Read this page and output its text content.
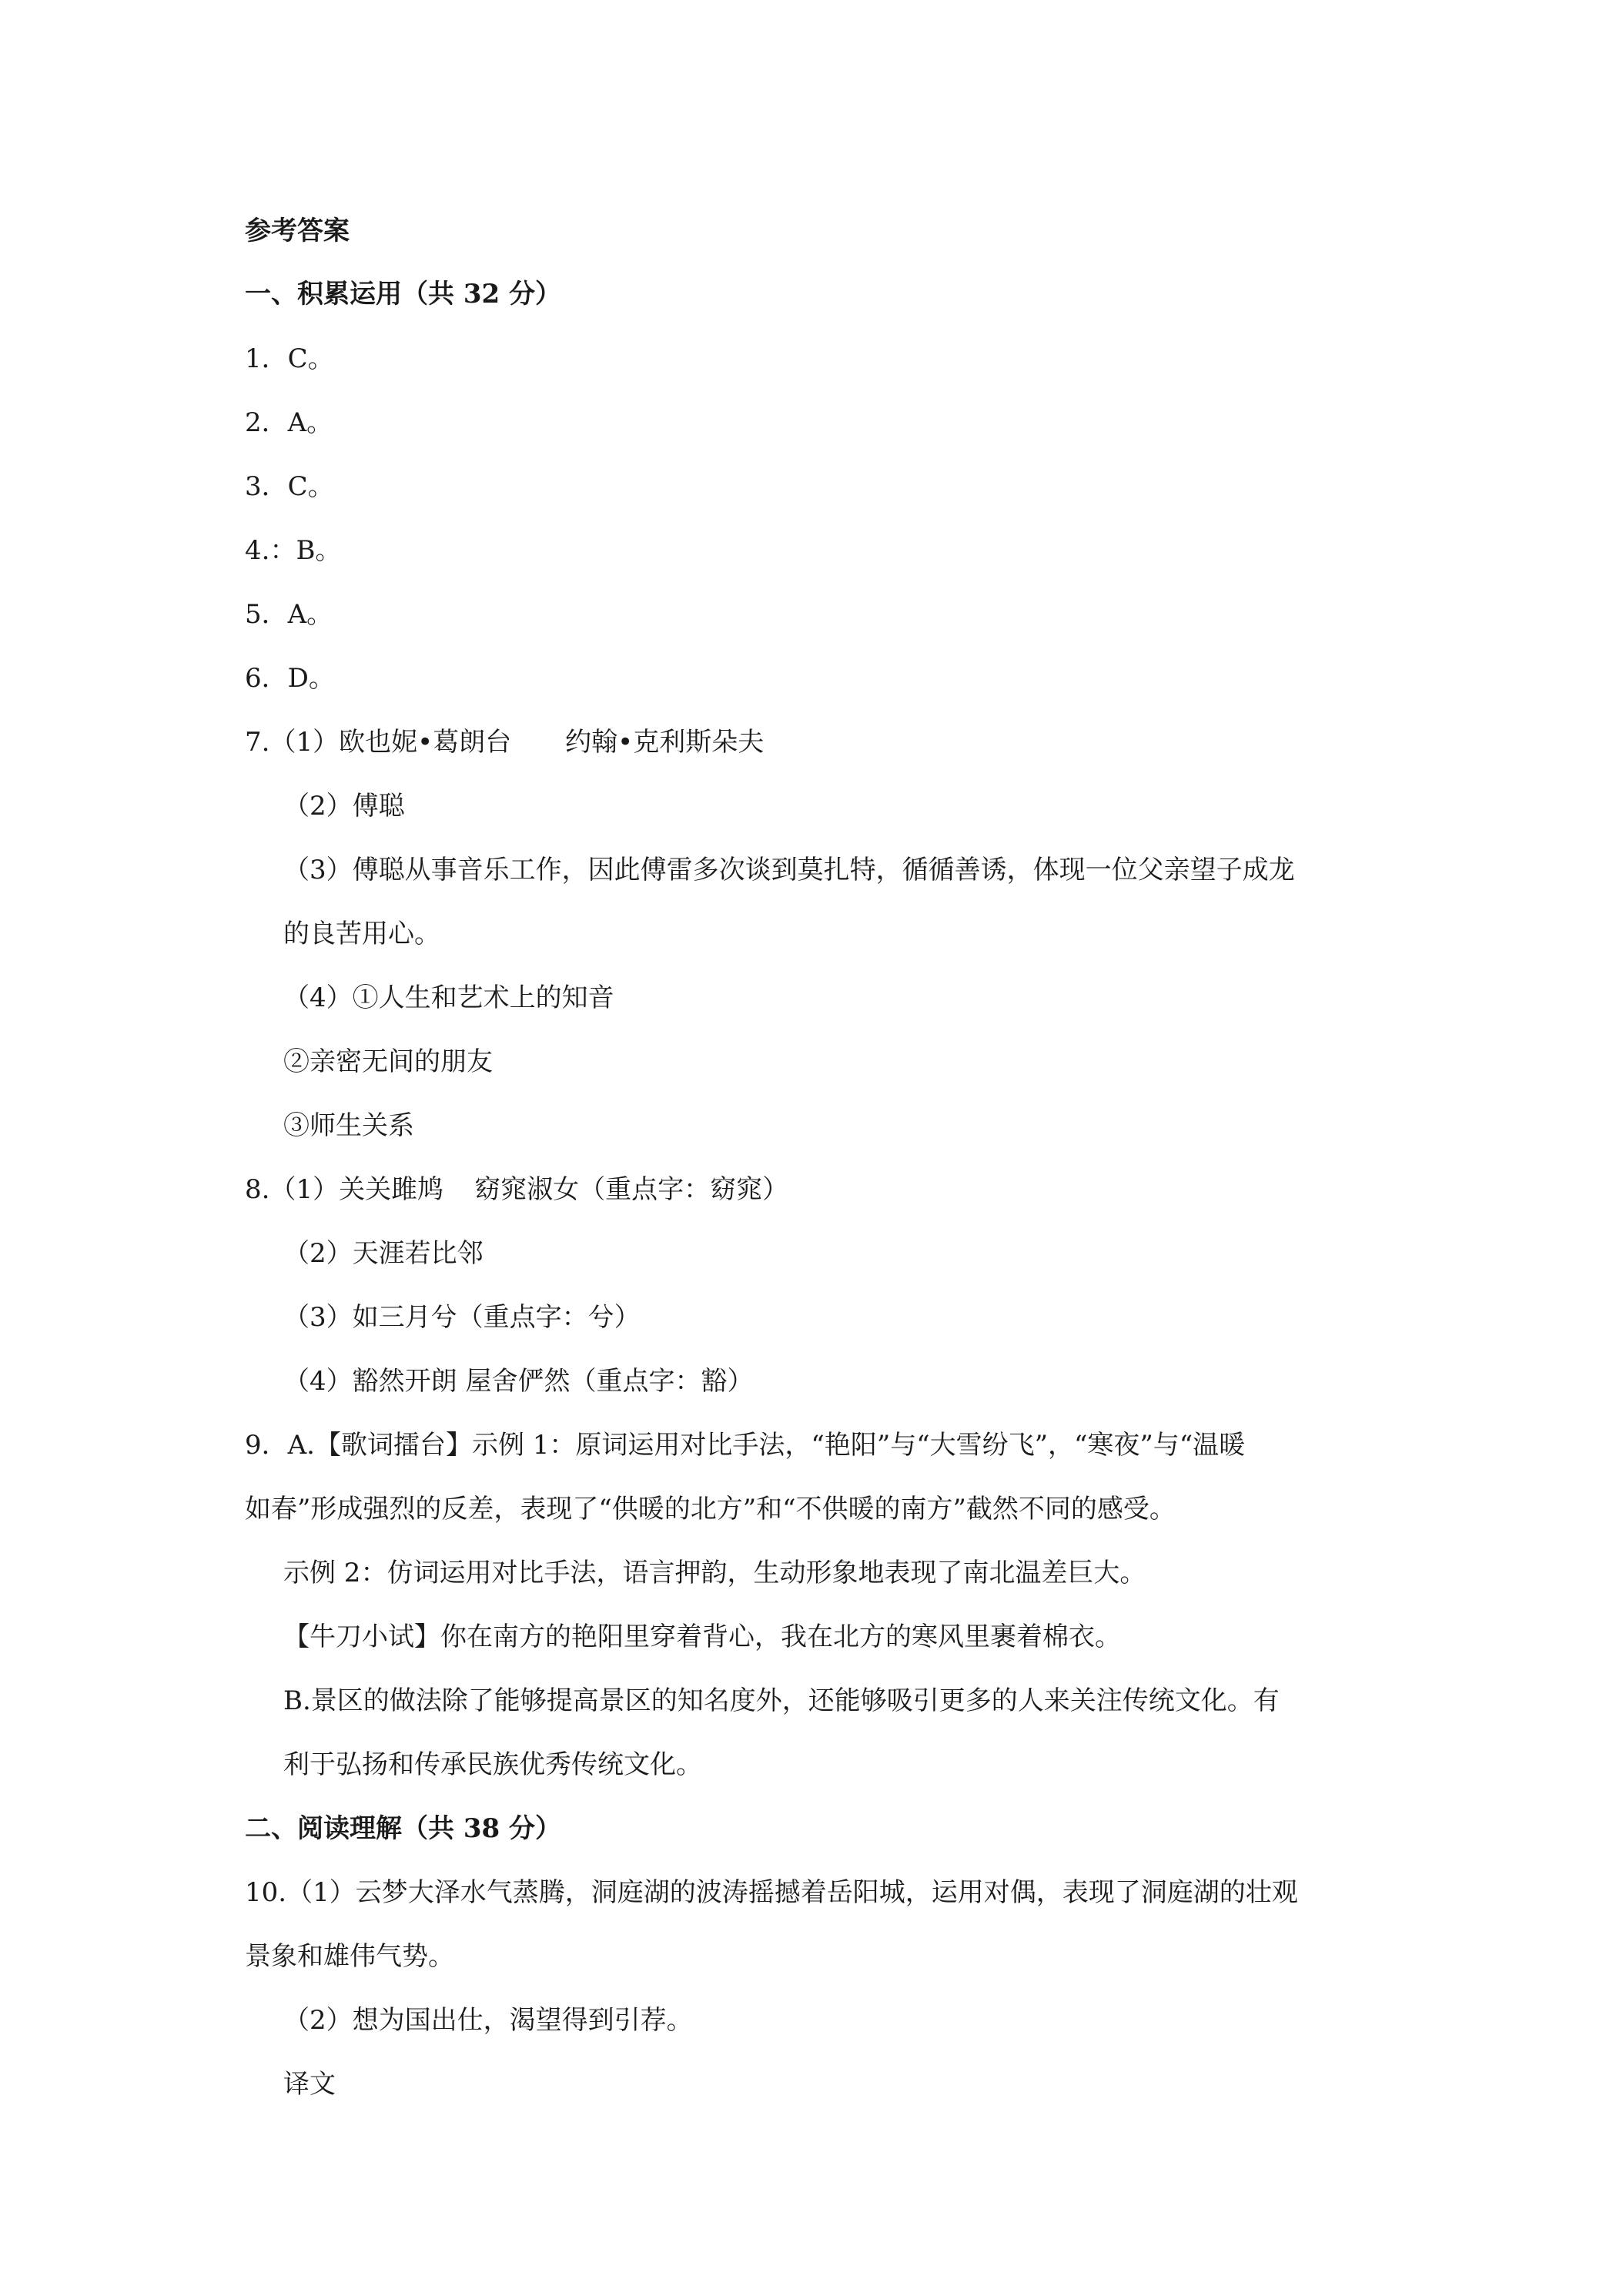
参考答案
一、积累运用（共 32 分）
1．C。
2．A。
3．C。
4.：B。
5．A。
6．D。
7.（1）欧也妮•葛朗台 约翰•克利斯朵夫
（2）傅聪
（3）傅聪从事音乐工作，因此傅雷多次谈到莫扎特，循循善诱，体现一位父亲望子成龙
的良苦用心。
（4）①人生和艺术上的知音
②亲密无间的朋友
③师生关系
8.（1）关关雎鸠 窈窕淑女（重点字：窈窕）
（2）天涯若比邻
（3）如三月兮（重点字：兮）
（4）豁然开朗 屋舍俨然（重点字：豁）
9．A.【歌词擂台】示例 1：原词运用对比手法，“艳阳”与“大雪纷飞”，“寒夜”与“温暖
如春”形成强烈的反差，表现了“供暖的北方”和“不供暖的南方”截然不同的感受。
示例 2：仿词运用对比手法，语言押韵，生动形象地表现了南北温差巨大。
【牛刀小试】你在南方的艳阳里穿着背心，我在北方的寒风里裹着棉衣。
B.景区的做法除了能够提高景区的知名度外，还能够吸引更多的人来关注传统文化。有
利于弘扬和传承民族优秀传统文化。
二、阅读理解（共 38 分）
10.（1）云梦大泽水气蒸腾，洞庭湖的波涛摇撼着岳阳城，运用对偶，表现了洞庭湖的壮观
景象和雄伟气势。
（2）想为国出仕，渴望得到引荐。
译文
